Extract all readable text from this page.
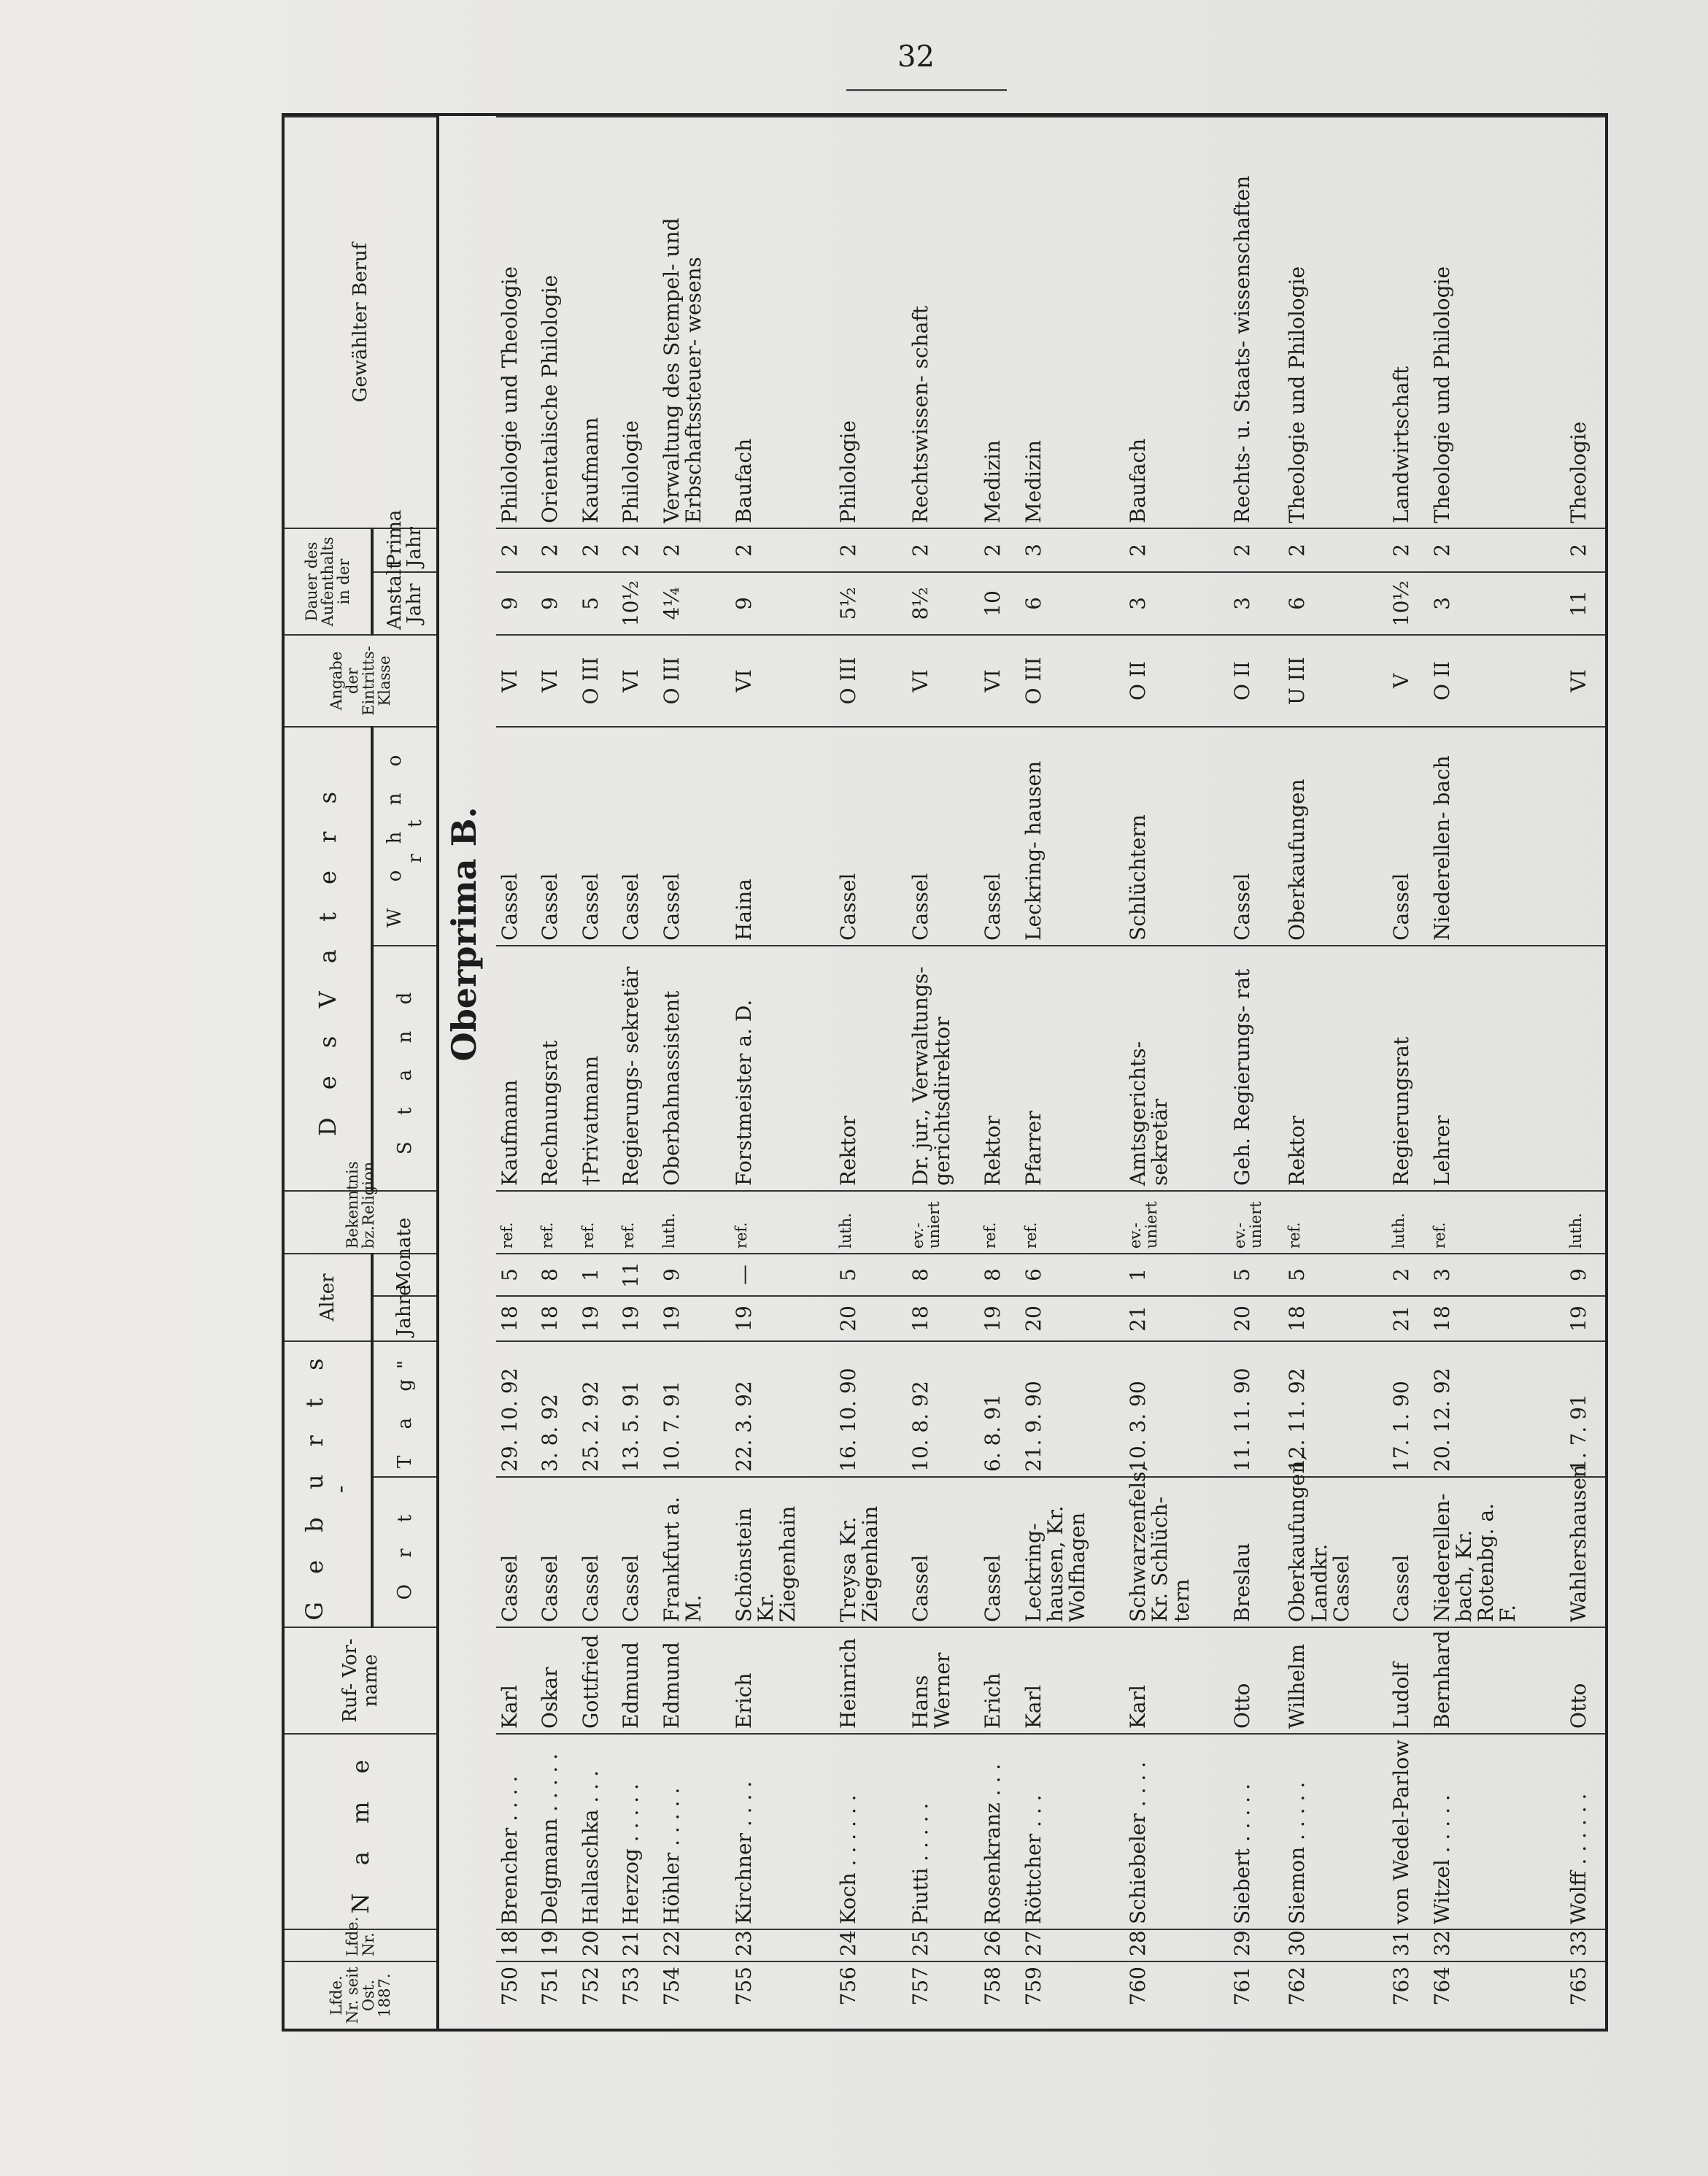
32
Lfde. Nr. seit Ost. 1887.	Lfde. Nr.	N a m e	Ruf- Vor- name	G e b u r t s -		Alter		Bekenntnis bz.Religion	D e s V a t e r s		Angabe der Eintritts- Klasse	Dauer des Aufenthalts in der		Gewählter Beruf
				O r t	T a g"	Jahre	Monate		S t a n d	W o h n o r t		Anstalt Jahr	Prima Jahr	
Oberprima B.														
750	18	Brencher . . . .	Karl	Cassel	29. 10. 92	18	5	ref.	Kaufmann	Cassel	VI	9	2	Philologie und Theologie
751	19	Delgmann . . . . .	Oskar	Cassel	3. 8. 92	18	8	ref.	Rechnungsrat	Cassel	VI	9	2	Orientalische Philologie
752	20	Hallaschka . . .	Gottfried	Cassel	25. 2. 92	19	1	ref.	†Privatmann	Cassel	O III	5	2	Kaufmann
753	21	Herzog . . . . .	Edmund	Cassel	13. 5. 91	19	11	ref.	Regierungs- sekretär	Cassel	VI	10½	2	Philologie
754	22	Höhler . . . . .	Edmund	Frankfurt a. M.	10. 7. 91	19	9	luth.	Oberbahnassistent	Cassel	O III	4¼	2	Verwaltung des Stempel- und Erbschaftssteuer- wesens
755	23	Kirchner . . . .	Erich	Schönstein Kr. Ziegenhain	22. 3. 92	19	—	ref.	Forstmeister a. D.	Haina	VI	9	2	Baufach
756	24	Koch . . . . . .	Heinrich	Treysa Kr. Ziegenhain	16. 10. 90	20	5	luth.	Rektor	Cassel	O III	5½	2	Philologie
757	25	Piutti . . . . .	Hans Werner	Cassel	10. 8. 92	18	8	ev.- uniert	Dr. jur., Verwaltungs- gerichtsdirektor	Cassel	VI	8½	2	Rechtswissen- schaft
758	26	Rosenkranz . . .	Erich	Cassel	6. 8. 91	19	8	ref.	Rektor	Cassel	VI	10	2	Medizin
759	27	Röttcher . . .	Karl	Leckring- hausen, Kr. Wolfhagen	21. 9. 90	20	6	ref.	Pfarrer	Leckring- hausen	O III	6	3	Medizin
760	28	Schiebeler . . . .	Karl	Schwarzenfels, Kr. Schlüch- tern	10. 3. 90	21	1	ev.- uniert	Amtsgerichts- sekretär	Schlüchtern	O II	3	2	Baufach
761	29	Siebert . . . . .	Otto	Breslau	11. 11. 90	20	5	ev.- uniert	Geh. Regierungs- rat	Cassel	O II	3	2	Rechts- u. Staats- wissenschaften
762	30	Siemon . . . . .	Wilhelm	Oberkaufungen, Landkr. Cassel	12. 11. 92	18	5	ref.	Rektor	Oberkaufungen	U III	6	2	Theologie und Philologie
763	31	von Wedel-Parlow	Ludolf	Cassel	17. 1. 90	21	2	luth.	Regierungsrat	Cassel	V	10½	2	Landwirtschaft
764	32	Witzel . . . . .	Bernhard	Niederellen- bach, Kr. Rotenbg. a. F.	20. 12. 92	18	3	ref.	Lehrer	Niederellen- bach	O II	3	2	Theologie und Philologie
765	33	Wolff . . . . . .	Otto	Wahlershausen	1. 7. 91	19	9	luth.			VI	11	2	Theologie
